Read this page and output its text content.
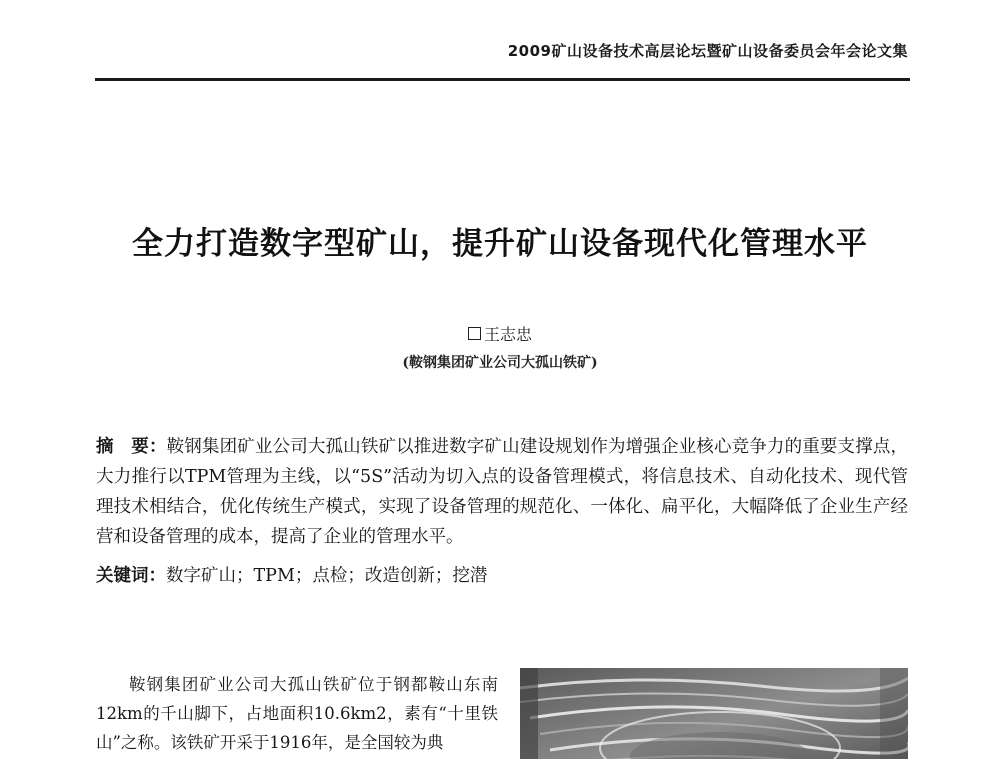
2009矿山设备技术高层论坛暨矿山设备委员会年会论文集
全力打造数字型矿山，提升矿山设备现代化管理水平
王志忠
(鞍钢集团矿业公司大孤山铁矿)
摘　要：鞍钢集团矿业公司大孤山铁矿以推进数字矿山建设规划作为增强企业核心竞争力的重要支撑点，大力推行以TPM管理为主线，以“5S”活动为切入点的设备管理模式，将信息技术、自动化技术、现代管理技术相结合，优化传统生产模式，实现了设备管理的规范化、一体化、扁平化，大幅降低了企业生产经营和设备管理的成本，提高了企业的管理水平。
关键词：数字矿山；TPM；点检；改造创新；挖潜
鞍钢集团矿业公司大孤山铁矿位于钢都鞍山东南12km的千山脚下，占地面积10.6km2，素有“十里铁山”之称。该铁矿开采于1916年，是全国较为典
